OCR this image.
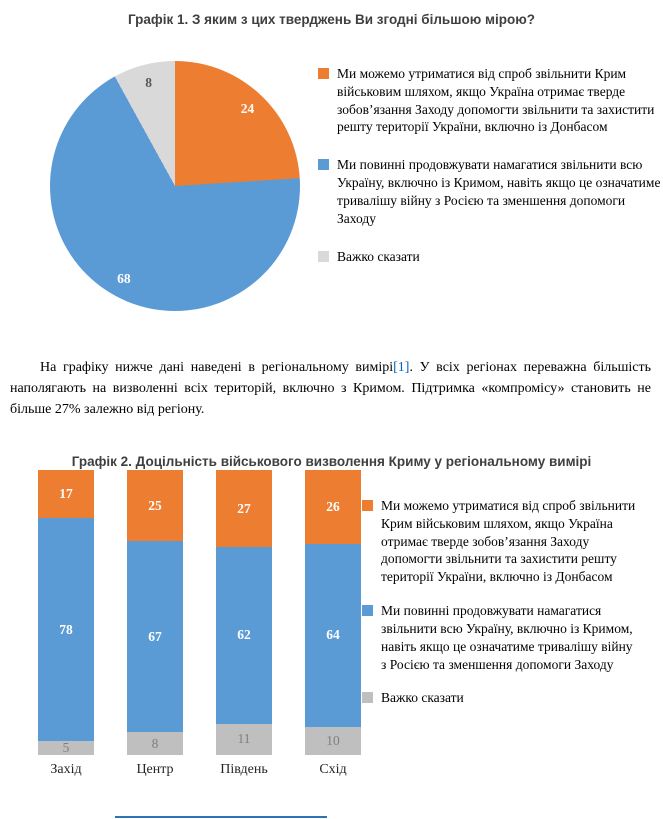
Графік 1. З яким з цих тверджень Ви згодні більшою мірою?
24
68
8
Ми можемо утриматися від спроб звільнити Крим військовим шляхом, якщо Україна отримає тверде зобов’язання Заходу допомогти звільнити та захистити решту території України, включно із Донбасом
Ми повинні продовжувати намагатися звільнити всю Україну, включно із Кримом, навіть якщо це означатиме тривалішу війну з Росією та зменшення допомоги Заходу
Важко сказати

На графіку нижче дані наведені в регіональному вимірі[1]. У всіх регіонах переважна більшість наполягають на визволенні всіх територій, включно з Кримом. Підтримка «компромісу» становить не більше 27% залежно від регіону.

Графік 2. Доцільність військового визволення Криму у регіональному вимірі
17
78
5
Захід
25
67
8
Центр
27
62
11
Південь
26
64
10
Схід
Ми можемо утриматися від спроб звільнити Крим військовим шляхом, якщо Україна отримає тверде зобов’язання Заходу допомогти звільнити та захистити решту території України, включно із Донбасом
Ми повинні продовжувати намагатися звільнити всю Україну, включно із Кримом, навіть якщо це означатиме тривалішу війну з Росією та зменшення допомоги Заходу
Важко сказати
